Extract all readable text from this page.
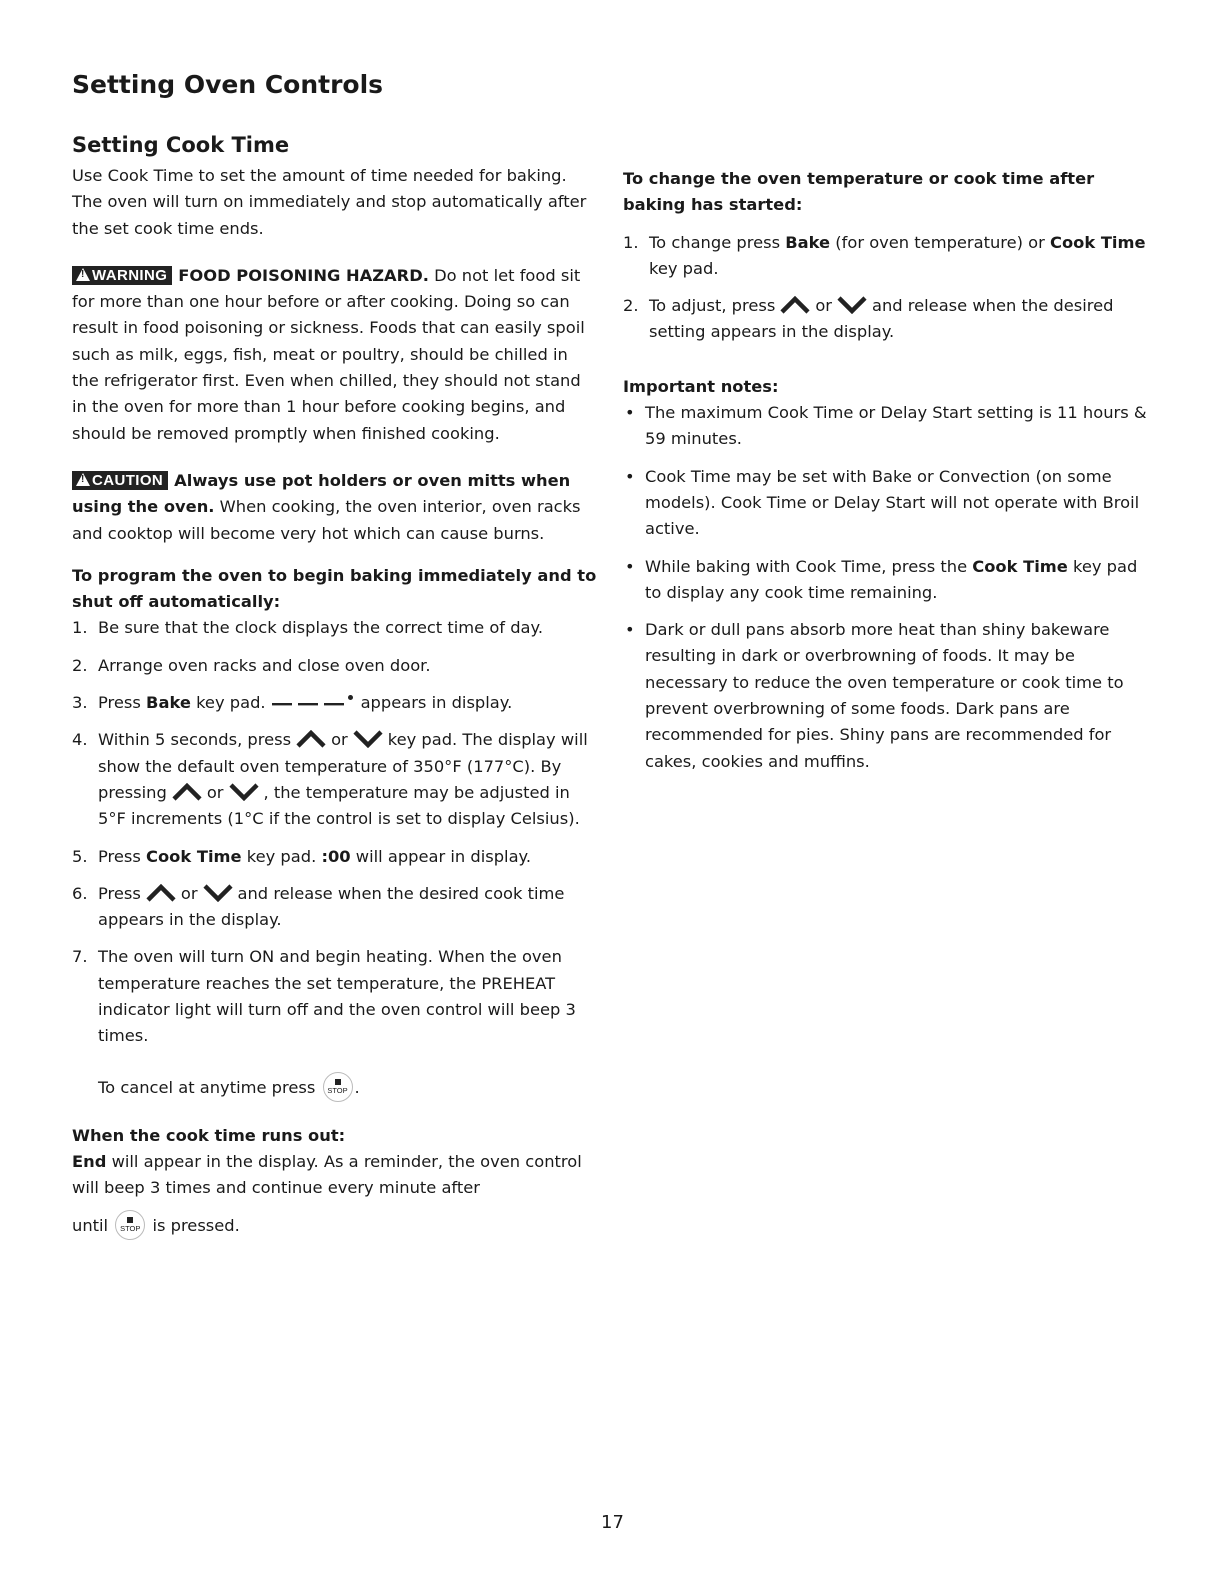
Setting Oven Controls
Setting Cook Time

Use Cook Time to set the amount of time needed for baking. The oven will turn on immediately and stop automatically after the set cook time ends.

!WARNING FOOD POISONING HAZARD. Do not let food sit for more than one hour before or after cooking. Doing so can result in food poisoning or sickness. Foods that can easily spoil such as milk, eggs, fish, meat or poultry, should be chilled in the refrigerator first. Even when chilled, they should not stand in the oven for more than 1 hour before cooking begins, and should be removed promptly when finished cooking.

!CAUTION Always use pot holders or oven mitts when using the oven. When cooking, the oven interior, oven racks and cooktop will become very hot which can cause burns.

To program the oven to begin baking immediately and to shut off automatically:

1. Be sure that the clock displays the correct time of day.
2. Arrange oven racks and close oven door.
3. Press Bake key pad.	appears in display.
4. Within 5 seconds, press or key pad. The display will show the default oven temperature of 350°F (177°C). By pressing or , the temperature may be adjusted in 5°F increments (1°C if the control is set to display Celsius).
5. Press Cook Time key pad. :00 will appear in display.
6. Press or and release when the desired cook time appears in the display.
7. The oven will turn ON and begin heating. When the oven temperature reaches the set temperature, the PREHEAT indicator light will turn off and the oven control will beep 3 times.

To cancel at anytime press	STOP .

When the cook time runs out:

End will appear in the display. As a reminder, the oven control will beep 3 times and continue every minute after

until	STOP is pressed.

To change the oven temperature or cook time after baking has started:

1. To change press Bake (for oven temperature) or Cook Time key pad.
2. To adjust, press or and release when the desired setting appears in the display.

Important notes:

• The maximum Cook Time or Delay Start setting is 11 hours & 59 minutes.
• Cook Time may be set with Bake or Convection (on some models). Cook Time or Delay Start will not operate with Broil active.
• While baking with Cook Time, press the Cook Time key pad to display any cook time remaining.
• Dark or dull pans absorb more heat than shiny bakeware resulting in dark or overbrowning of foods. It may be necessary to reduce the oven temperature or cook time to prevent overbrowning of some foods. Dark pans are recommended for pies. Shiny pans are recommended for cakes, cookies and muffins.

17
